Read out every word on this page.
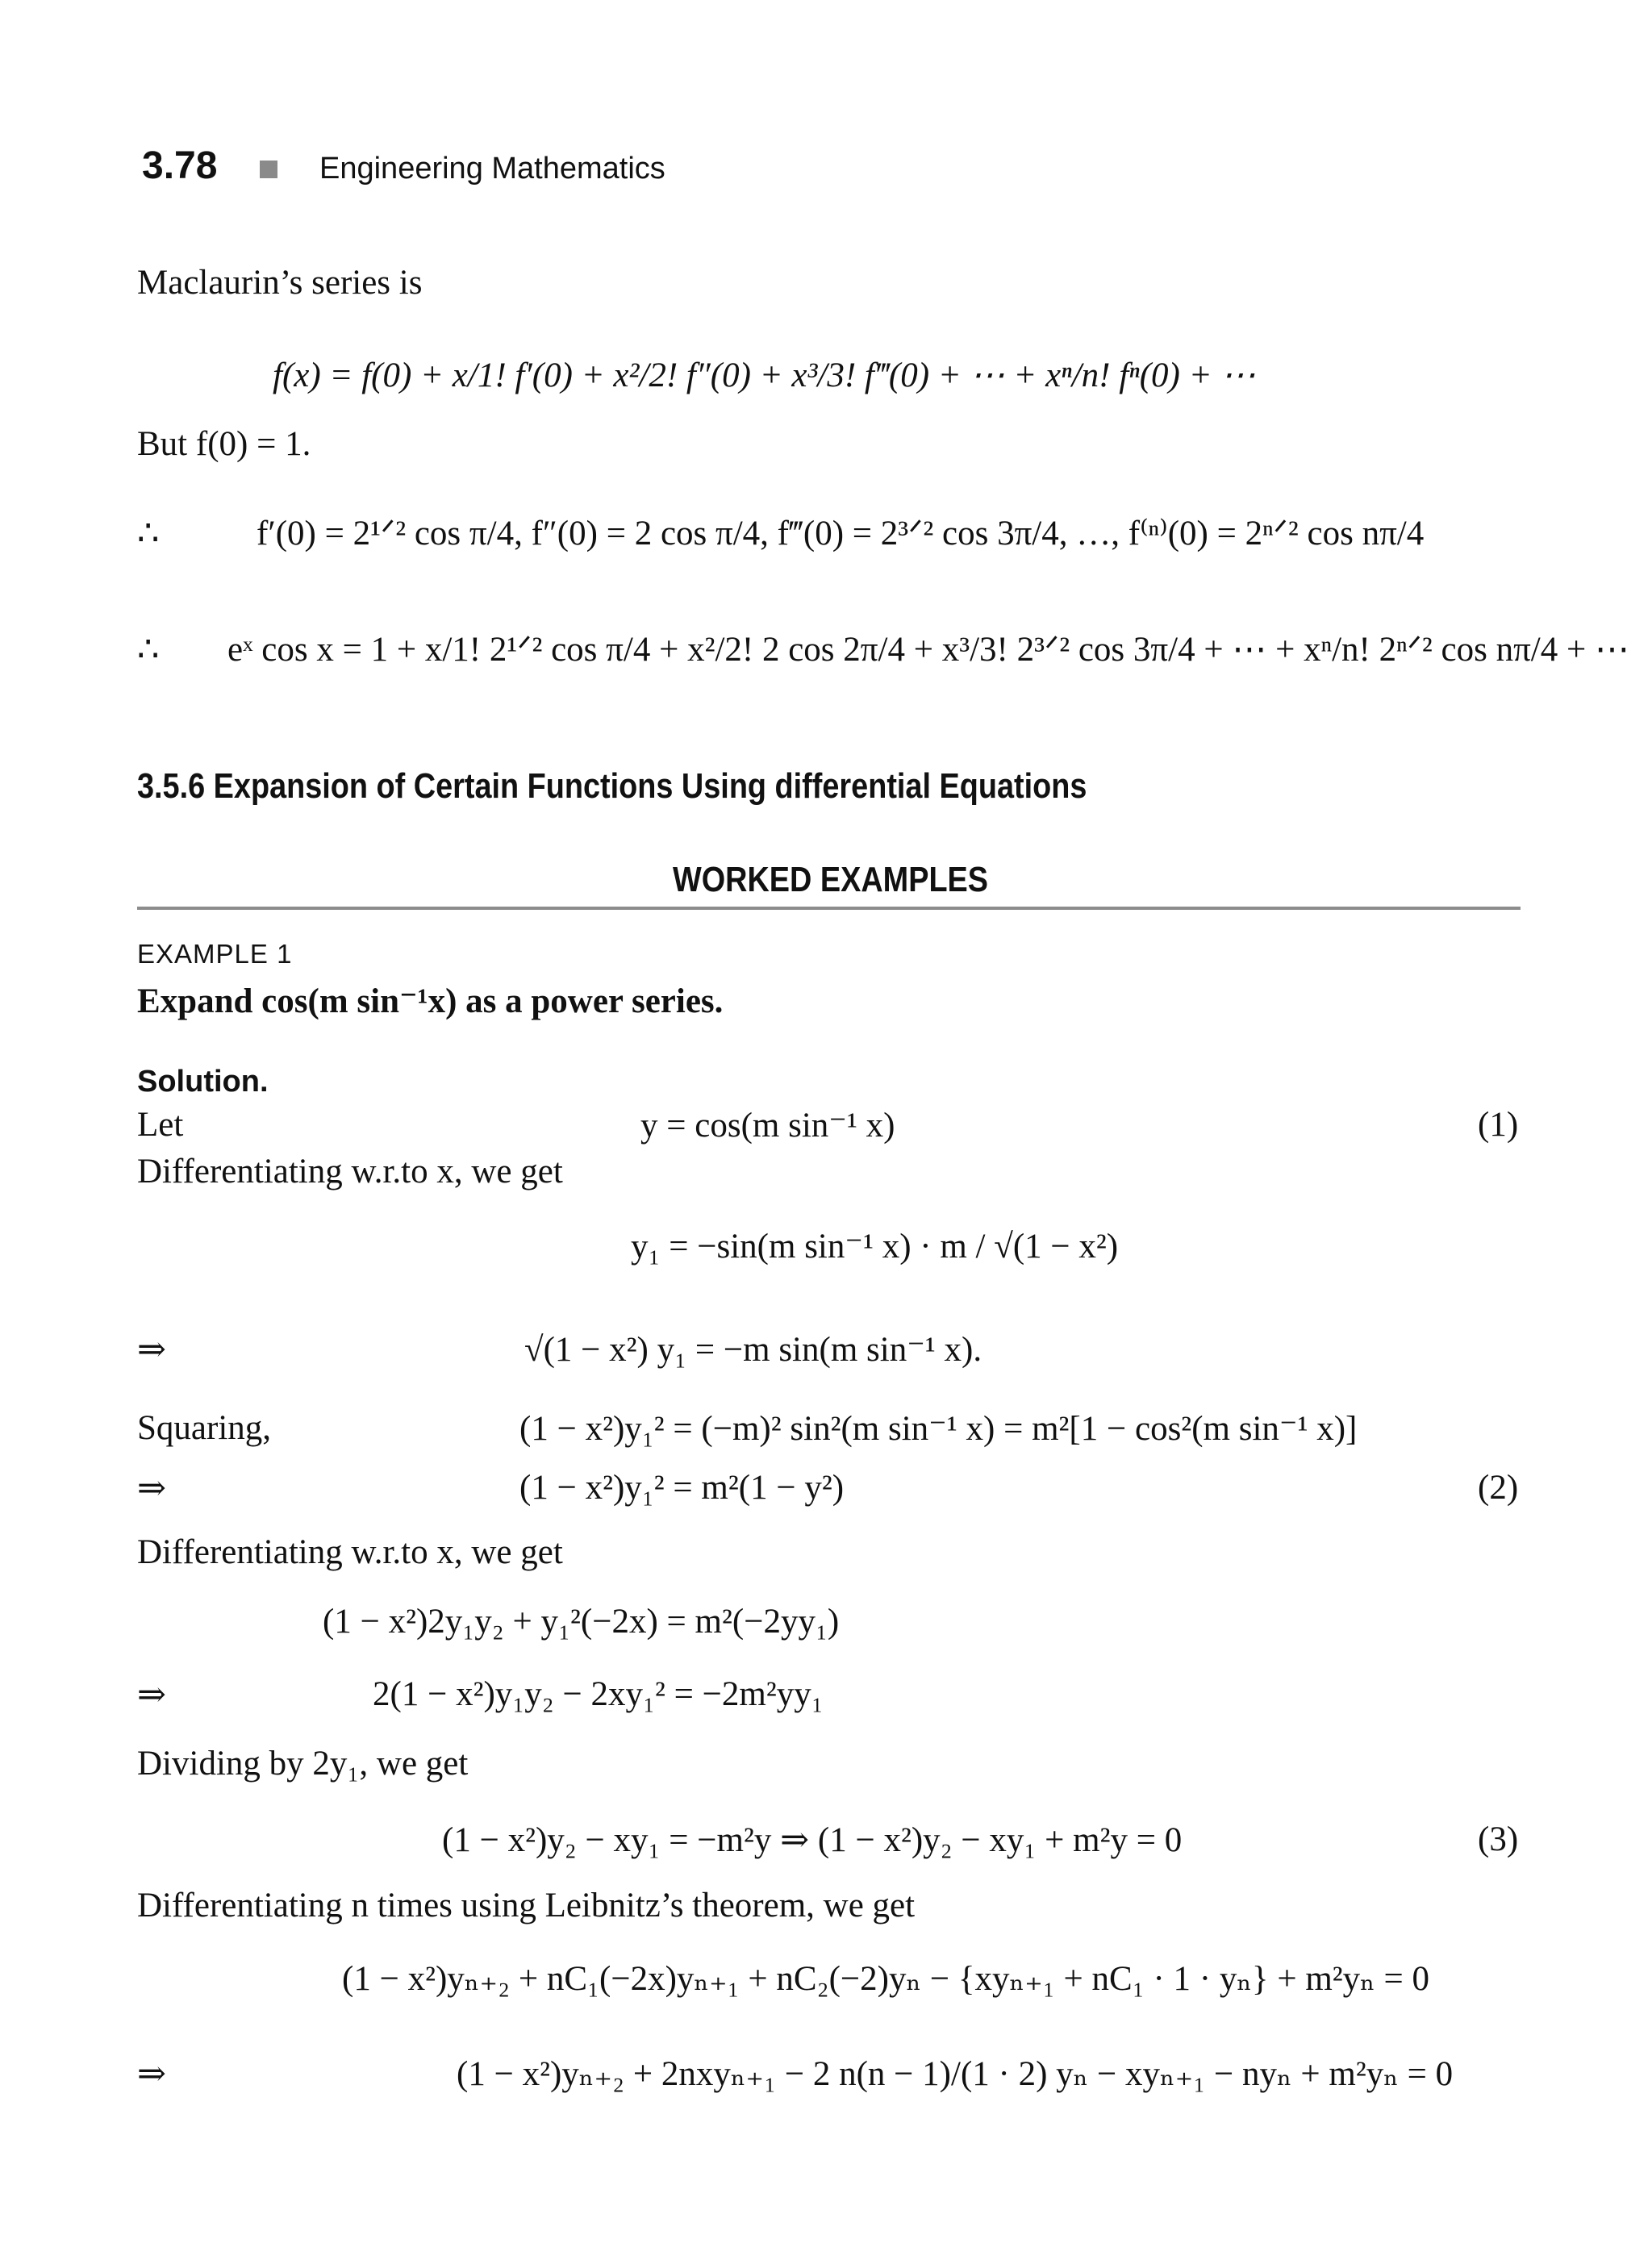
3.78	Engineering Mathematics
Maclaurin’s series is
f(x) = f(0) + x/1! f′(0) + x²/2! f″(0) + x³/3! f‴(0) + ⋯ + xⁿ/n! fⁿ(0) + ⋯
But f(0) = 1.
∴	f′(0) = 2¹ᐟ² cos π/4, f″(0) = 2 cos π/4, f‴(0) = 2³ᐟ² cos 3π/4, …, f⁽ⁿ⁾(0) = 2ⁿᐟ² cos nπ/4
∴ eˣ cos x = 1 + x/1! 2¹ᐟ² cos π/4 + x²/2! 2 cos 2π/4 + x³/3! 2³ᐟ² cos 3π/4 + ⋯ + xⁿ/n! 2ⁿᐟ² cos nπ/4 + ⋯
3.5.6 Expansion of Certain Functions Using differential Equations
WORKED EXAMPLES
EXAMPLE 1
Expand cos(m sin⁻¹x) as a power series.
Solution.
Let	y = cos(m sin⁻¹ x)	(1)
Differentiating w.r.to x, we get
y₁ = −sin(m sin⁻¹ x) · m / √(1 − x²)
⇒	√(1 − x²) y₁ = −m sin(m sin⁻¹ x).
Squaring,	(1 − x²)y₁² = (−m)² sin²(m sin⁻¹ x) = m²[1 − cos²(m sin⁻¹ x)]
⇒	(1 − x²)y₁² = m²(1 − y²)	(2)
Differentiating w.r.to x, we get
(1 − x²)2y₁y₂ + y₁²(−2x) = m²(−2yy₁)
⇒	2(1 − x²)y₁y₂ − 2xy₁² = −2m²yy₁
Dividing by 2y₁, we get
(1 − x²)y₂ − xy₁ = −m²y ⇒ (1 − x²)y₂ − xy₁ + m²y = 0	(3)
Differentiating n times using Leibnitz’s theorem, we get
(1 − x²)yₙ₊₂ + nC₁(−2x)yₙ₊₁ + nC₂(−2)yₙ − {xyₙ₊₁ + nC₁ · 1 · yₙ} + m²yₙ = 0
⇒	(1 − x²)yₙ₊₂ + 2nxyₙ₊₁ − 2 n(n − 1)/(1 · 2) yₙ − xyₙ₊₁ − nyₙ + m²yₙ = 0
